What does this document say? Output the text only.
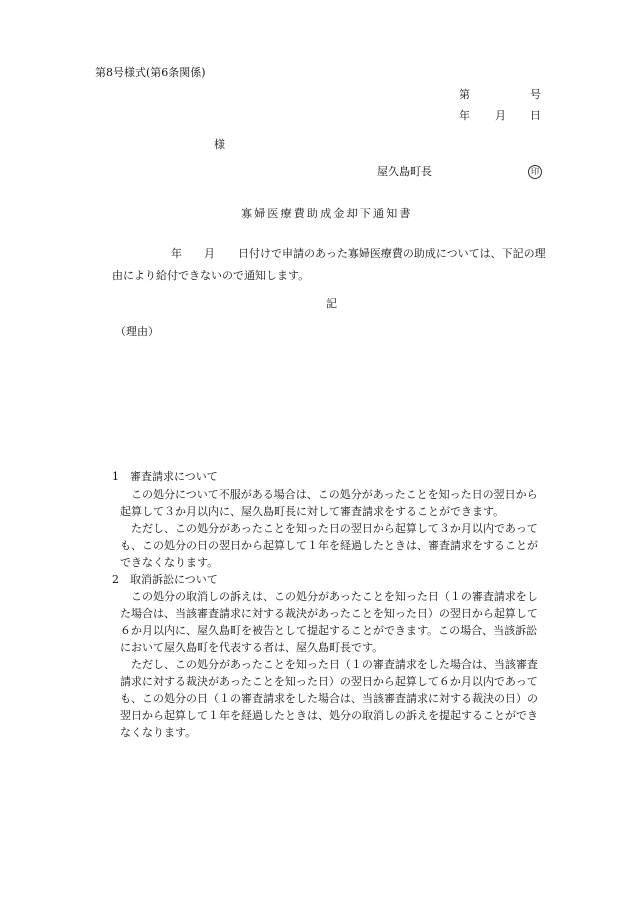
第8号様式(第6条関係)
第	号
年 月 日
様
屋久島町長	印
寡婦医療費助成金却下通知書
年 月 日付けで申請のあった寡婦医療費の助成については、下記の理
由により給付できないので通知します。
記
（理由）
1　審査請求について
この処分について不服がある場合は、この処分があったことを知った日の翌日から
起算して３か月以内に、屋久島町長に対して審査請求をすることができます。
ただし、この処分があったことを知った日の翌日から起算して３か月以内であって
も、この処分の日の翌日から起算して１年を経過したときは、審査請求をすることが
できなくなります。
2　取消訴訟について
この処分の取消しの訴えは、この処分があったことを知った日（１の審査請求をし
た場合は、当該審査請求に対する裁決があったことを知った日）の翌日から起算して
６か月以内に、屋久島町を被告として提起することができます。この場合、当該訴訟
において屋久島町を代表する者は、屋久島町長です。
ただし、この処分があったことを知った日（１の審査請求をした場合は、当該審査
請求に対する裁決があったことを知った日）の翌日から起算して６か月以内であって
も、この処分の日（１の審査請求をした場合は、当該審査請求に対する裁決の日）の
翌日から起算して１年を経過したときは、処分の取消しの訴えを提起することができ
なくなります。
